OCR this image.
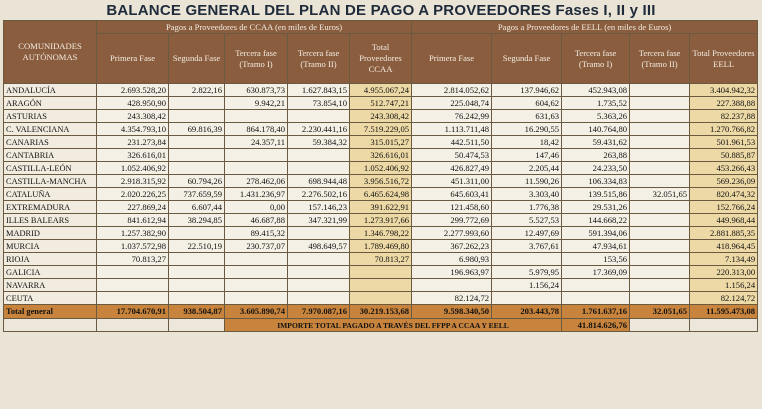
BALANCE GENERAL DEL PLAN DE PAGO A PROVEEDORES Fases I, II y III
COMUNIDADES AUTÓNOMAS	Pagos a Proveedores de CCAA (en miles de Euros)					Pagos a Proveedores de EELL (en miles de Euros)				
	Primera Fase	Segunda Fase	Tercera fase (Tramo I)	Tercera fase (Tramo II)	Total Proveedores CCAA	Primera Fase	Segunda Fase	Tercera fase (Tramo I)	Tercera fase (Tramo II)	Total Proveedores EELL
ANDALUCÍA	2.693.528,20	2.822,16	630.873,73	1.627.843,15	4.955.067,24	2.814.052,62	137.946,62	452.943,08		3.404.942,32
ARAGÓN	428.950,90		9.942,21	73.854,10	512.747,21	225.048,74	604,62	1.735,52		227.388,88
ASTURIAS	243.308,42				243.308,42	76.242,99	631,63	5.363,26		82.237,88
C. VALENCIANA	4.354.793,10	69.816,39	864.178,40	2.230.441,16	7.519.229,05	1.113.711,48	16.290,55	140.764,80		1.270.766,82
CANARIAS	231.273,84		24.357,11	59.384,32	315.015,27	442.511,50	18,42	59.431,62		501.961,53
CANTABRIA	326.616,01				326.616,01	50.474,53	147,46	263,88		50.885,87
CASTILLA-LEÓN	1.052.406,92				1.052.406,92	426.827,49	2.205,44	24.233,50		453.266,43
CASTILLA-MANCHA	2.918.315,92	60.794,26	278.462,06	698.944,48	3.956.516,72	451.311,00	11.590,26	106.334,83		569.236,09
CATALUÑA	2.020.226,25	737.659,59	1.431.236,97	2.276.502,16	6.465.624,98	645.603,41	3.303,40	139.515,86	32.051,65	820.474,32
EXTREMADURA	227.869,24	6.607,44	0,00	157.146,23	391.622,91	121.458,60	1.776,38	29.531,26		152.766,24
ILLES BALEARS	841.612,94	38.294,85	46.687,88	347.321,99	1.273.917,66	299.772,69	5.527,53	144.668,22		449.968,44
MADRID	1.257.382,90		89.415,32		1.346.798,22	2.277.993,60	12.497,69	591.394,06		2.881.885,35
MURCIA	1.037.572,98	22.510,19	230.737,07	498.649,57	1.789.469,80	367.262,23	3.767,61	47.934,61		418.964,45
RIOJA	70.813,27				70.813,27	6.980,93		153,56		7.134,49
GALICIA						196.963,97	5.979,95	17.369,09		220.313,00
NAVARRA							1.156,24			1.156,24
CEUTA						82.124,72				82.124,72
Total general	17.704.670,91	938.504,87	3.605.890,74	7.970.087,16	30.219.153,68	9.598.340,50	203.443,78	1.761.637,16	32.051,65	11.595.473,08
			IMPORTE TOTAL PAGADO A TRAVÉS DEL FFPP A CCAA Y EELL					41.814.626,76		
